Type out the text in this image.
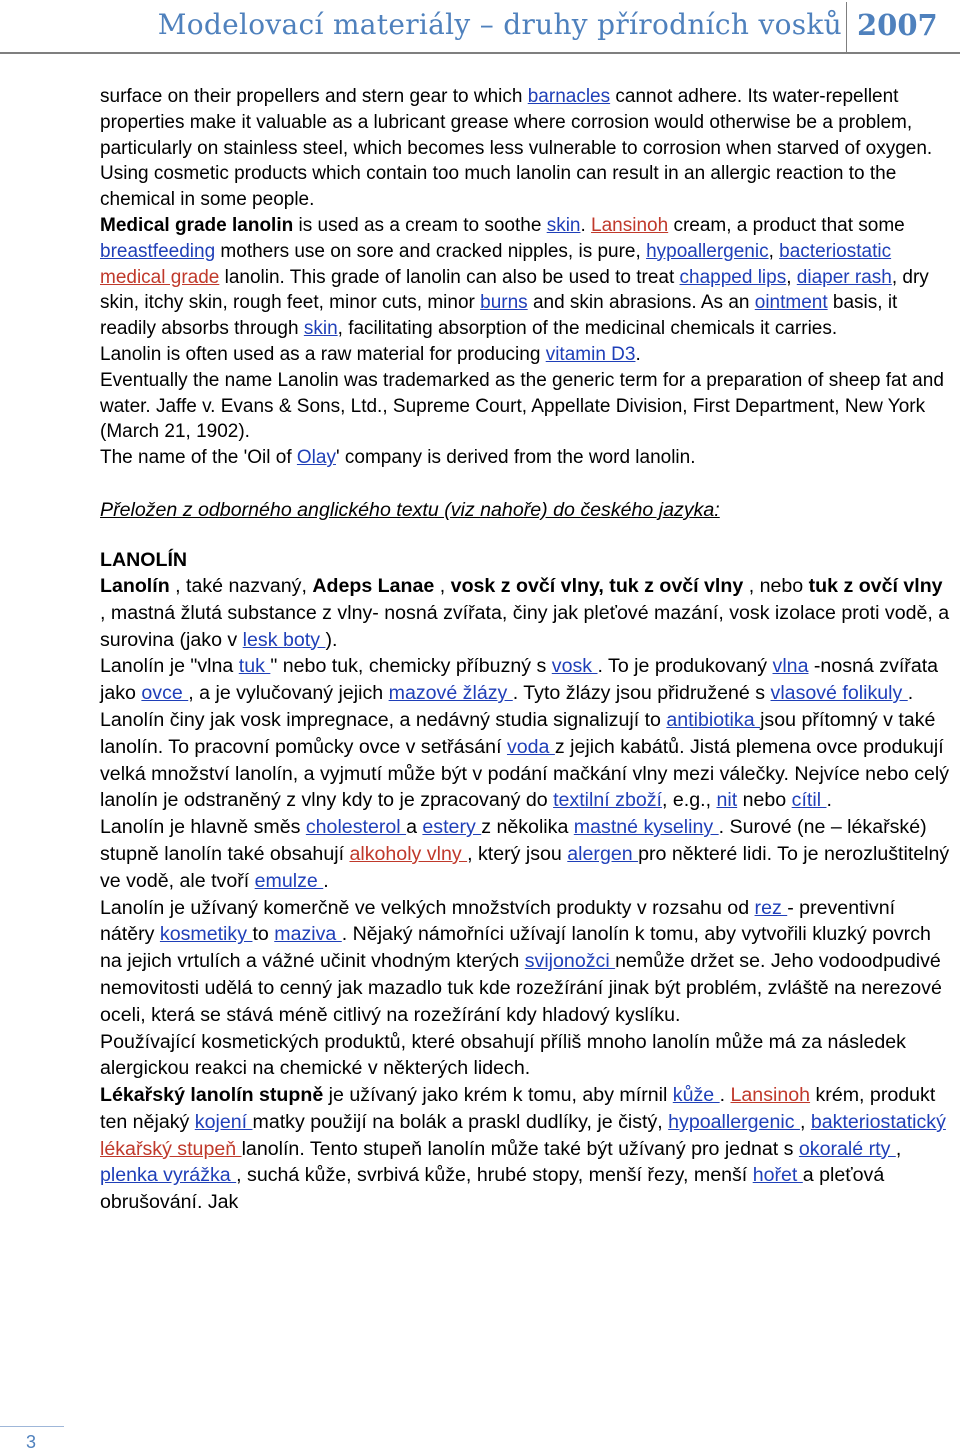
Modelovací materiály – druhy přírodních vosků 2007

surface on their propellers and stern gear to which barnacles cannot adhere. Its water-repellent properties make it valuable as a lubricant grease where corrosion would otherwise be a problem, particularly on stainless steel, which becomes less vulnerable to corrosion when starved of oxygen.

Using cosmetic products which contain too much lanolin can result in an allergic reaction to the chemical in some people.

Medical grade lanolin is used as a cream to soothe skin. Lansinoh cream, a product that some breastfeeding mothers use on sore and cracked nipples, is pure, hypoallergenic, bacteriostatic medical grade lanolin. This grade of lanolin can also be used to treat chapped lips, diaper rash, dry skin, itchy skin, rough feet, minor cuts, minor burns and skin abrasions. As an ointment basis, it readily absorbs through skin, facilitating absorption of the medicinal chemicals it carries.

Lanolin is often used as a raw material for producing vitamin D3.

Eventually the name Lanolin was trademarked as the generic term for a preparation of sheep fat and water. Jaffe v. Evans & Sons, Ltd., Supreme Court, Appellate Division, First Department, New York (March 21, 1902).

The name of the 'Oil of Olay' company is derived from the word lanolin.

Přeložen z odborného anglického textu (viz nahoře) do českého jazyka:

LANOLÍN

Lanolín , také nazvaný, Adeps Lanae , vosk z ovčí vlny, tuk z ovčí vlny , nebo tuk z ovčí vlny , mastná žlutá substance z vlny- nosná zvířata, činy jak pleťové mazání, vosk izolace proti vodě, a surovina (jako v lesk boty ).

Lanolín je "vlna tuk " nebo tuk, chemicky příbuzný s vosk . To je produkovaný vlna -nosná zvířata jako ovce , a je vylučovaný jejich mazové žlázy . Tyto žlázy jsou přidružené s vlasové folikuly . Lanolín činy jak vosk impregnace, a nedávný studia signalizují to antibiotika jsou přítomný v také lanolín. To pracovní pomůcky ovce v setřásání voda z jejich kabátů. Jistá plemena ovce produkují velká množství lanolín, a vyjmutí může být v podání mačkání vlny mezi válečky. Nejvíce nebo celý lanolín je odstraněný z vlny kdy to je zpracovaný do textilní zboží, e.g., nit nebo cítil .

Lanolín je hlavně směs cholesterol a estery z několika mastné kyseliny . Surové (ne – lékařské) stupně lanolín také obsahují alkoholy vlny , který jsou alergen pro některé lidi. To je nerozluštitelný ve vodě, ale tvoří emulze .

Lanolín je užívaný komerčně ve velkých množstvích produkty v rozsahu od rez - preventivní nátěry kosmetiky to maziva . Nějaký námořníci užívají lanolín k tomu, aby vytvořili kluzký povrch na jejich vrtulích a vážné učinit vhodným kterých svijonožci nemůže držet se. Jeho vodoodpudivé nemovitosti udělá to cenný jak mazadlo tuk kde rozežírání jinak být problém, zvláště na nerezové oceli, která se stává méně citlivý na rozežírání kdy hladový kyslíku.

Používající kosmetických produktů, které obsahují příliš mnoho lanolín může má za následek alergickou reakci na chemické v některých lidech.

Lékařský lanolín stupně je užívaný jako krém k tomu, aby mírnil kůže . Lansinoh krém, produkt ten nějaký kojení matky použijí na bolák a praskl dudlíky, je čistý, hypoallergenic , bakteriostatický lékařský stupeň lanolín. Tento stupeň lanolín může také být užívaný pro jednat s okoralé rty , plenka vyrážka , suchá kůže, svrbivá kůže, hrubé stopy, menší řezy, menší hořet a pleťová obrušování. Jak

3
